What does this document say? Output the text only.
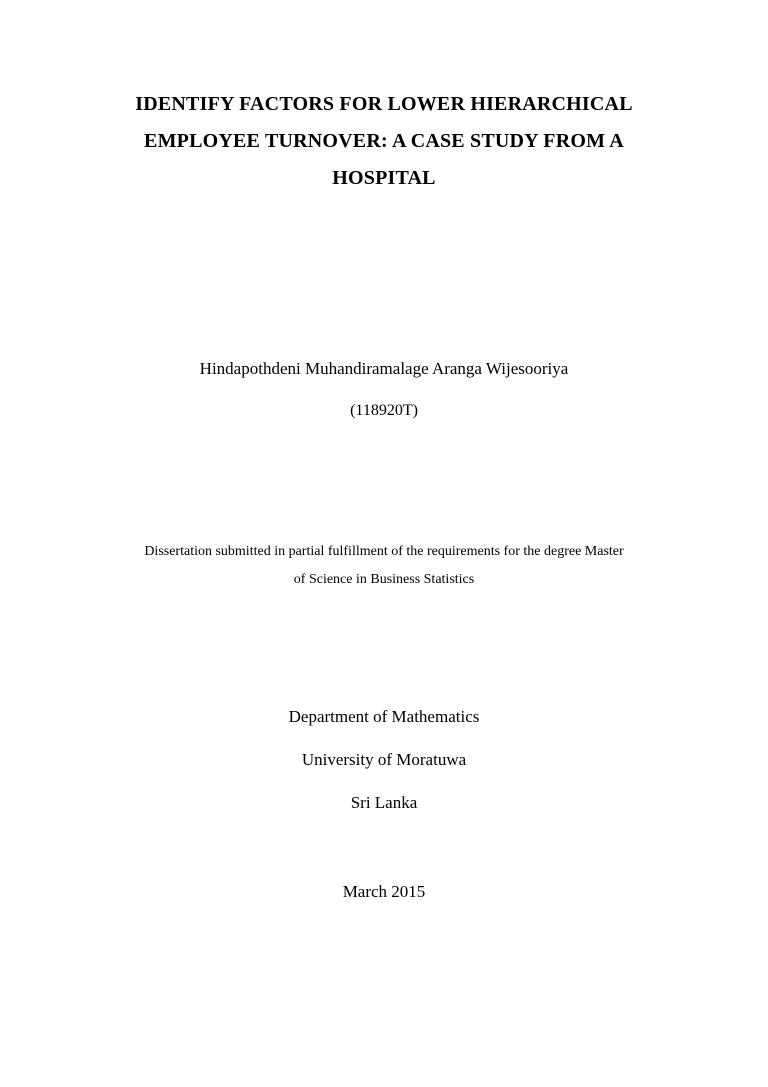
IDENTIFY FACTORS FOR LOWER HIERARCHICAL
EMPLOYEE TURNOVER: A CASE STUDY FROM A
HOSPITAL
Hindapothdeni Muhandiramalage Aranga Wijesooriya
(118920T)
Dissertation submitted in partial fulfillment of the requirements for the degree Master
of Science in Business Statistics
Department of Mathematics
University of Moratuwa
Sri Lanka
March 2015
